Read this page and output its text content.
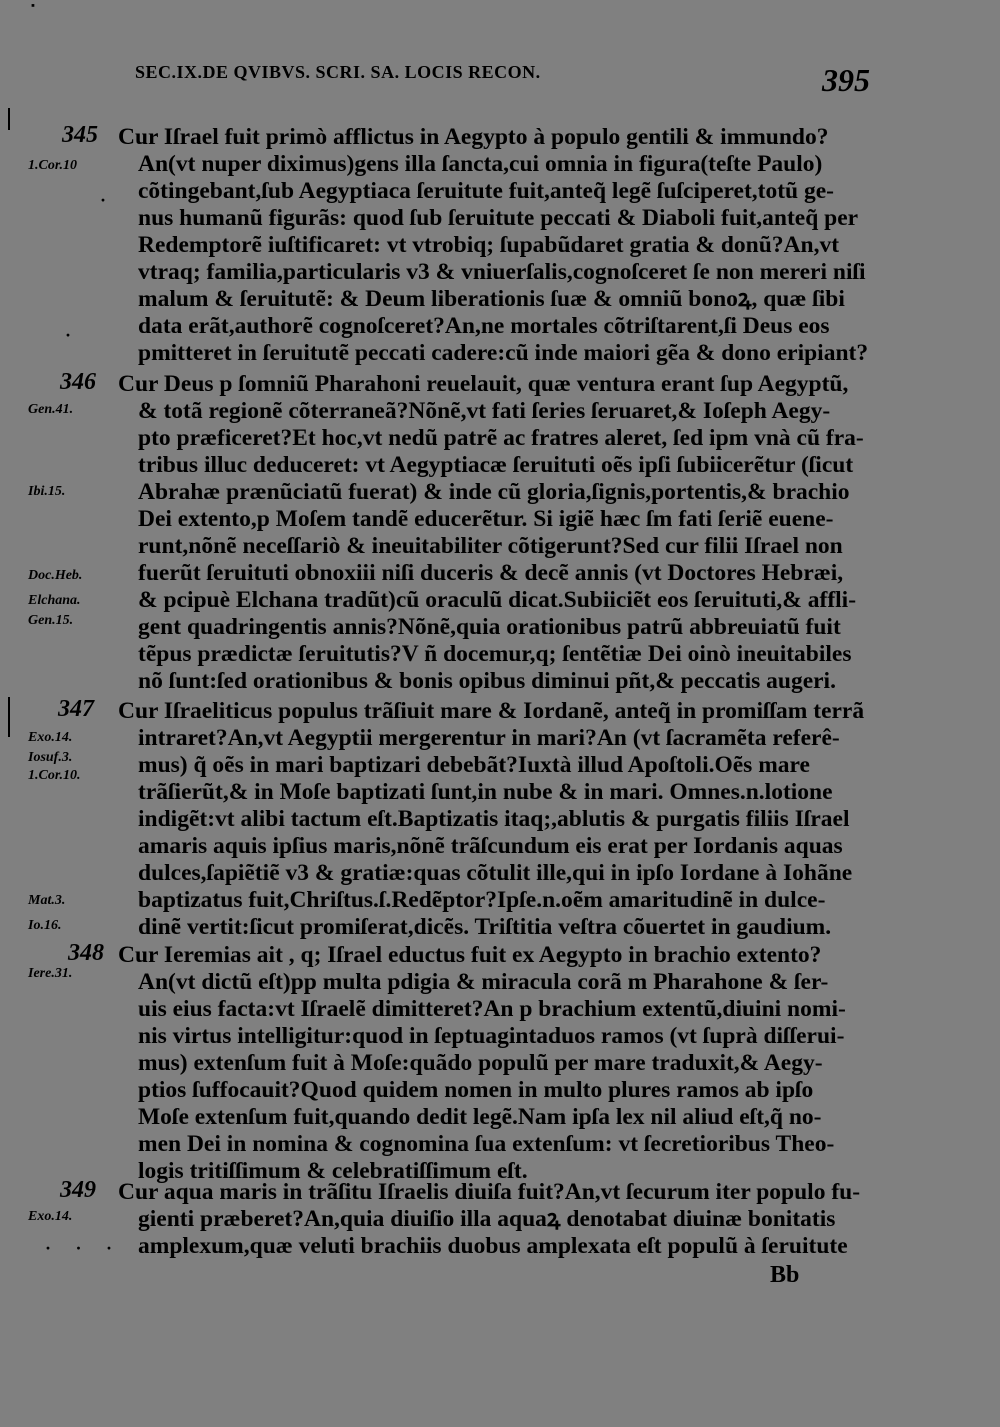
ᐝ
SEC.IX.DE QVIBVS. SCRI. SA. LOCIS RECON.	395
1.Cor.10
Gen.41.
Ibi.15.
Doc.Heb.
Elchana.
Gen.15.
Exo.14.
Iosuf.3.
1.Cor.10.
Mat.3.
Io.16.
Iere.31.
Exo.14.
·
·
· · ·
345 Cur Iſrael fuit primò afflictus in Aegypto à populo gentili & immundo?
An(vt nuper diximus)gens illa ſancta,cui omnia in figura(teſte Paulo)
cõtingebant,ſub Aegyptiaca ſeruitute fuit,anteq̃ legẽ ſuſciperet,totũ ge-
nus humanũ figurãs: quod ſub ſeruitute peccati & Diaboli fuit,anteq̃ per
Redemptorẽ iuſtificaret: vt vtrobiq; ſupabũdaret gratia & donũ?An,vt
vtraq; familia,particularis v3 & vniuerſalis,cognoſceret ſe non mereri niſi
malum & ſeruitutẽ: & Deum liberationis ſuæ & omniũ bonoꝝ, quæ ſibi
data erãt,authorẽ cognoſceret?An,ne mortales cõtriſtarent,ſi Deus eos
pmitteret in ſeruitutẽ peccati cadere:cũ inde maiori gẽa & dono eripiant?
346 Cur Deus p ſomniũ Pharahoni reuelauit, quæ ventura erant ſup Aegyptũ,
& totã regionẽ cõterraneã?Nõnẽ,vt fati ſeries ſeruaret,& Ioſeph Aegy-
pto præficeret?Et hoc,vt nedũ patrẽ ac fratres aleret, ſed ipm vnà cũ fra-
tribus illuc deduceret: vt Aegyptiacæ ſeruituti oẽs ipſi ſubiicerẽtur (ſicut
Abrahæ prænũciatũ fuerat) & inde cũ gloria,ſignis,portentis,& brachio
Dei extento,p Moſem tandẽ educerẽtur. Si igiẽ hæc ſm fati ſeriẽ euene-
runt,nõnẽ neceſſariò & ineuitabiliter cõtigerunt?Sed cur filii Iſrael non
fuerũt ſeruituti obnoxiii niſi duceris & decẽ annis (vt Doctores Hebræi,
& pcipuè Elchana tradũt)cũ oraculũ dicat.Subiiciẽt eos ſeruituti,& affli-
gent quadringentis annis?Nõnẽ,quia orationibus patrũ abbreuiatũ fuit
tẽpus prædictæ ſeruitutis?V ñ docemur,q; ſentẽtiæ Dei oinò ineuitabiles
nõ ſunt:ſed orationibus & bonis opibus diminui pñt,& peccatis augeri.
347 Cur Iſraeliticus populus trãſiuit mare & Iordanẽ, anteq̃ in promiſſam terrã
intraret?An,vt Aegyptii mergerentur in mari?An (vt ſacramẽta referê-
mus) q̃ oẽs in mari baptizari debebãt?Iuxtà illud Apoſtoli.Oẽs mare
trãſierũt,& in Moſe baptizati ſunt,in nube & in mari. Omnes.n.lotione
indigẽt:vt alibi tactum eſt.Baptizatis itaq;,ablutis & purgatis filiis Iſrael
amaris aquis ipſius maris,nõnẽ trãſcundum eis erat per Iordanis aquas
dulces,ſapiẽtiẽ v3 & gratiæ:quas cõtulit ille,qui in ipſo Iordane à Iohãne
baptizatus fuit,Chriſtus.ſ.Redẽptor?Ipſe.n.oẽm amaritudinẽ in dulce-
dinẽ vertit:ſicut promiſerat,dicẽs. Triſtitia veſtra cõuertet in gaudium.
348 Cur Ieremias ait , q; Iſrael eductus fuit ex Aegypto in brachio extento?
An(vt dictũ eſt)pp multa pdigia & miracula corã m Pharahone & ſer-
uis eius facta:vt Iſraelẽ dimitteret?An p brachium extentũ,diuini nomi-
nis virtus intelligitur:quod in ſeptuagintaduos ramos (vt ſuprà diſſerui-
mus) extenſum fuit à Moſe:quãdo populũ per mare traduxit,& Aegy-
ptios ſuffocauit?Quod quidem nomen in multo plures ramos ab ipſo
Moſe extenſum fuit,quando dedit legẽ.Nam ipſa lex nil aliud eſt,q̃ no-
men Dei in nomina & cognomina ſua extenſum: vt ſecretioribus Theo-
logis tritiſſimum & celebratiſſimum eſt.
349 Cur aqua maris in trãſitu Iſraelis diuiſa fuit?An,vt ſecurum iter populo fu-
gienti præberet?An,quia diuiſio illa aquaꝝ denotabat diuinæ bonitatis
amplexum,quæ veluti brachiis duobus amplexata eſt populũ à ſeruitute
Bb
